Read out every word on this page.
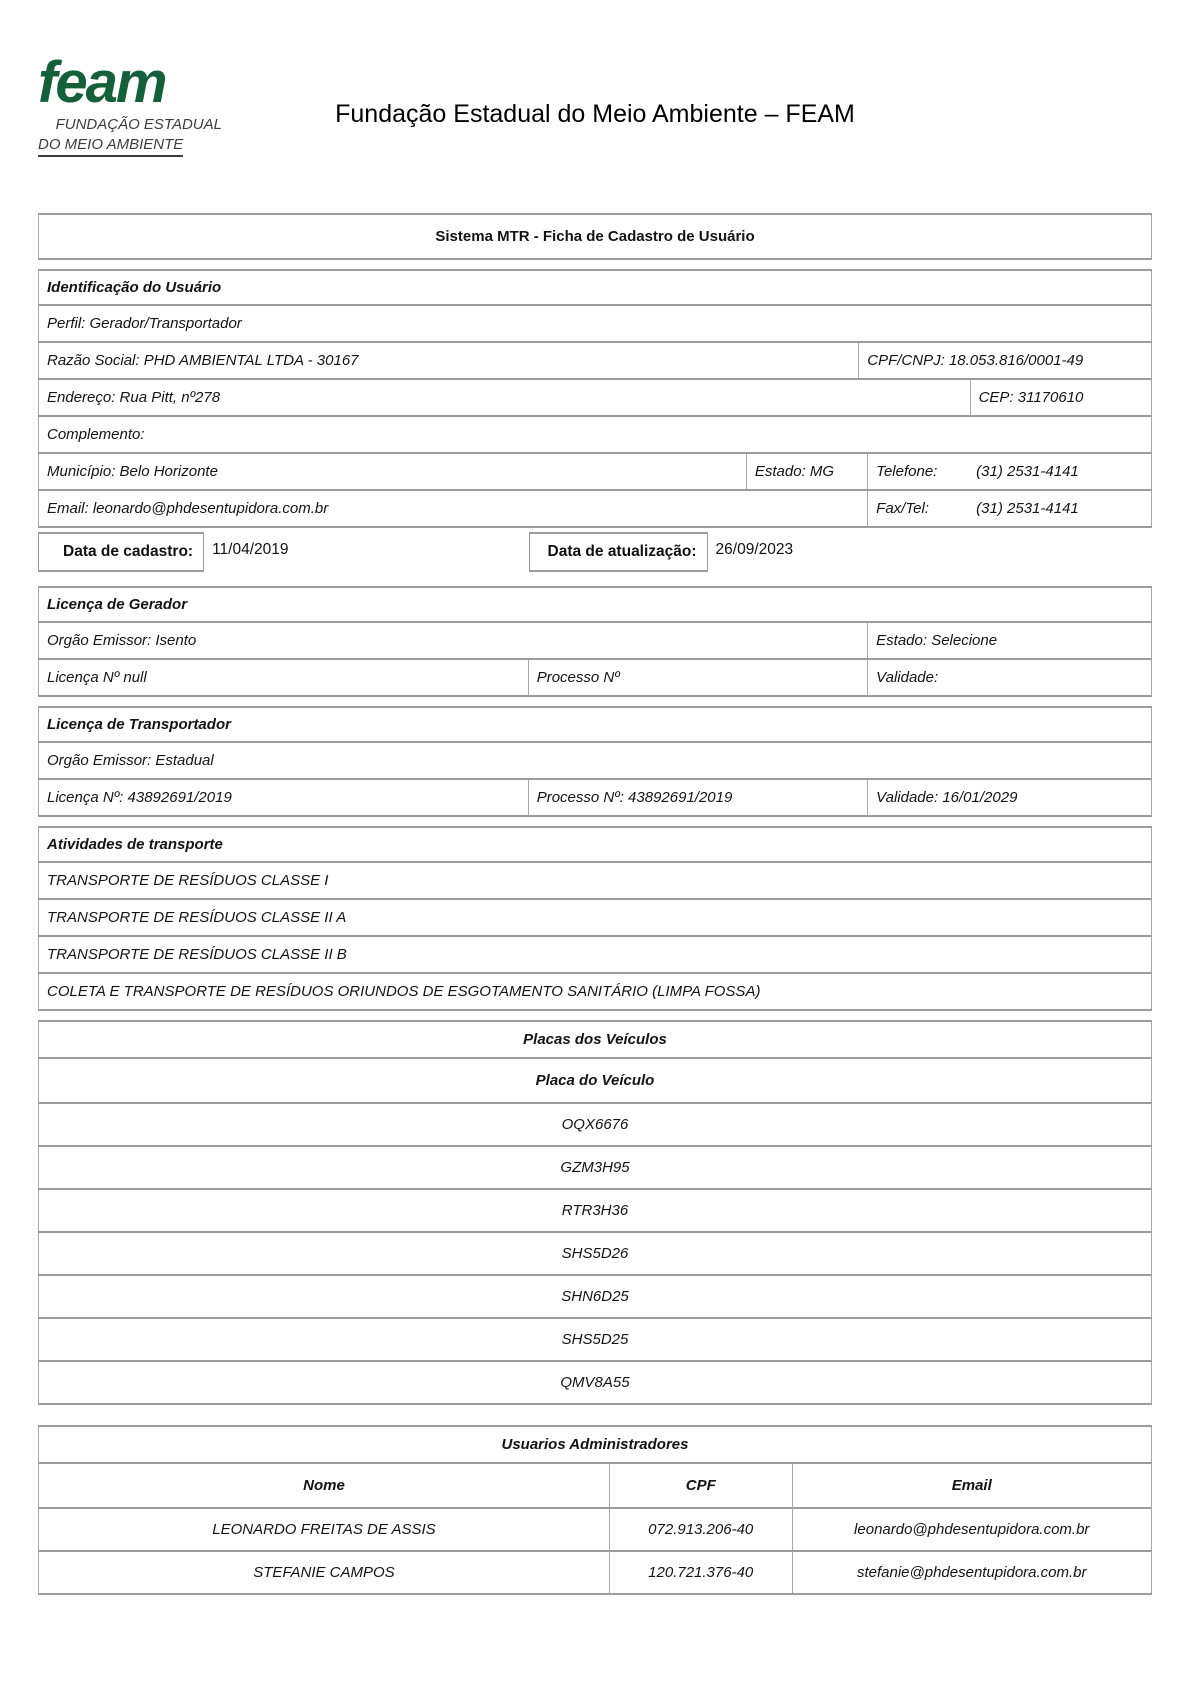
feam
FUNDAÇÃO ESTADUAL
DO MEIO AMBIENTE
Fundação Estadual do Meio Ambiente – FEAM
Sistema MTR - Ficha de Cadastro de Usuário
Identificação do Usuário
Perfil: Gerador/Transportador
Razão Social: PHD AMBIENTAL LTDA - 30167	CPF/CNPJ: 18.053.816/0001-49
Endereço: Rua Pitt, nº278	CEP: 31170610
Complemento:
Município: Belo Horizonte	Estado: MG	Telefone:	(31) 2531-4141
Email: leonardo@phdesentupidora.com.br	Fax/Tel:	(31) 2531-4141
Data de cadastro:	11/04/2019	Data de atualização:	26/09/2023
Licença de Gerador
Orgão Emissor: Isento	Estado: Selecione
Licença Nº null	Processo Nº	Validade:
Licença de Transportador
Orgão Emissor: Estadual
Licença Nº: 43892691/2019	Processo Nº: 43892691/2019	Validade: 16/01/2029
Atividades de transporte
TRANSPORTE DE RESÍDUOS CLASSE I
TRANSPORTE DE RESÍDUOS CLASSE II A
TRANSPORTE DE RESÍDUOS CLASSE II B
COLETA E TRANSPORTE DE RESÍDUOS ORIUNDOS DE ESGOTAMENTO SANITÁRIO (LIMPA FOSSA)
Placas dos Veículos
Placa do Veículo
OQX6676
GZM3H95
RTR3H36
SHS5D26
SHN6D25
SHS5D25
QMV8A55
Usuarios Administradores
Nome	CPF	Email
LEONARDO FREITAS DE ASSIS	072.913.206-40	leonardo@phdesentupidora.com.br
STEFANIE CAMPOS	120.721.376-40	stefanie@phdesentupidora.com.br
